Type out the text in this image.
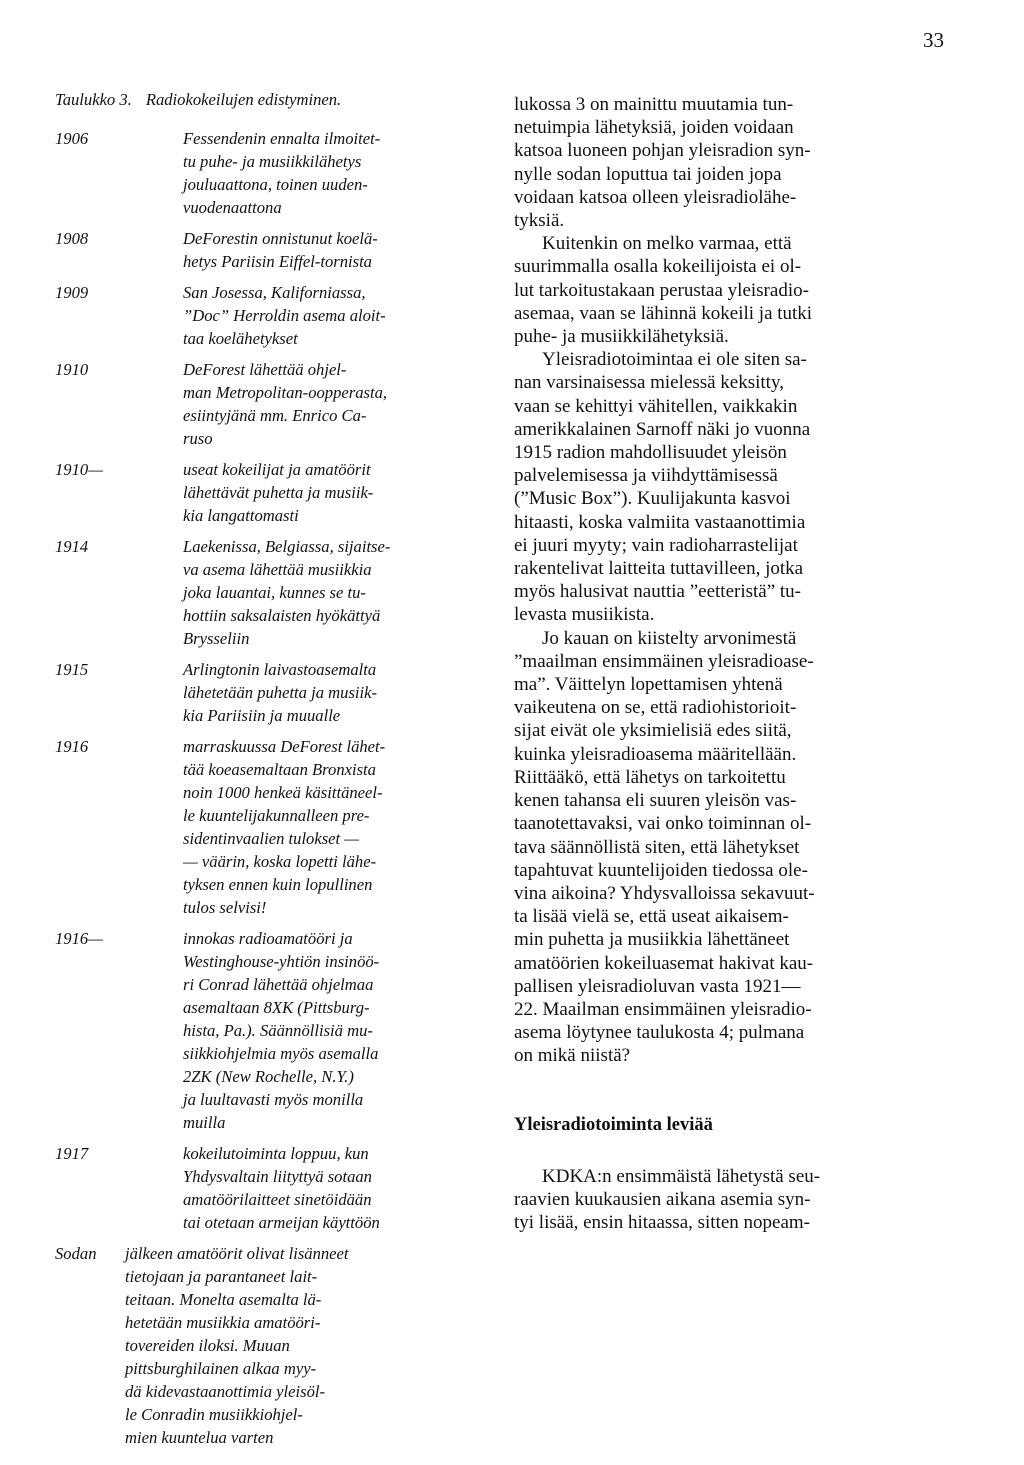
33
Taulukko 3. Radiokokeilujen edistyminen.
1906	Fessendenin ennalta ilmoitet-
tu puhe- ja musiikkilähetys
jouluaattona, toinen uuden-
vuodenaattona
1908	DeForestin onnistunut koelä-
hetys Pariisin Eiffel-tornista
1909	San Josessa, Kaliforniassa,
”Doc” Herroldin asema aloit-
taa koelähetykset
1910	DeForest lähettää ohjel-
man Metropolitan-oopperasta,
esiintyjänä mm. Enrico Ca-
ruso
1910—	useat kokeilijat ja amatöörit
lähettävät puhetta ja musiik-
kia langattomasti
1914	Laekenissa, Belgiassa, sijaitse-
va asema lähettää musiikkia
joka lauantai, kunnes se tu-
hottiin saksalaisten hyökättyä
Brysseliin
1915	Arlingtonin laivastoasemalta
lähetetään puhetta ja musiik-
kia Pariisiin ja muualle
1916	marraskuussa DeForest lähet-
tää koeasemaltaan Bronxista
noin 1000 henkeä käsittäneel-
le kuuntelijakunnalleen pre-
sidentinvaalien tulokset —
— väärin, koska lopetti lähe-
tyksen ennen kuin lopullinen
tulos selvisi!
1916—	innokas radioamatööri ja
Westinghouse-yhtiön insinöö-
ri Conrad lähettää ohjelmaa
asemaltaan 8XK (Pittsburg-
hista, Pa.). Säännöllisiä mu-
siikkiohjelmia myös asemalla
2ZK (New Rochelle, N.Y.)
ja luultavasti myös monilla
muilla
1917	kokeilutoiminta loppuu, kun
Yhdysvaltain liityttyä sotaan
amatöörilaitteet sinetöidään
tai otetaan armeijan käyttöön
Sodan	jälkeen amatöörit olivat lisänneet
tietojaan ja parantaneet lait-
teitaan. Monelta asemalta lä-
hetetään musiikkia amatööri-
tovereiden iloksi. Muuan
pittsburghilainen alkaa myy-
dä kidevastaanottimia yleisöl-
le Conradin musiikkiohjel-
mien kuuntelua varten

lukossa 3 on mainittu muutamia tun-
netuimpia lähetyksiä, joiden voidaan
katsoa luoneen pohjan yleisradion syn-
nylle sodan loputtua tai joiden jopa
voidaan katsoa olleen yleisradiolähe-
tyksiä.

Kuitenkin on melko varmaa, että
suurimmalla osalla kokeilijoista ei ol-
lut tarkoitustakaan perustaa yleisradio-
asemaa, vaan se lähinnä kokeili ja tutki
puhe- ja musiikkilähetyksiä.

Yleisradiotoimintaa ei ole siten sa-
nan varsinaisessa mielessä keksitty,
vaan se kehittyi vähitellen, vaikkakin
amerikkalainen Sarnoff näki jo vuonna
1915 radion mahdollisuudet yleisön
palvelemisessa ja viihdyttämisessä
(”Music Box”). Kuulijakunta kasvoi
hitaasti, koska valmiita vastaanottimia
ei juuri myyty; vain radioharrastelijat
rakentelivat laitteita tuttavilleen, jotka
myös halusivat nauttia ”eetteristä” tu-
levasta musiikista.

Jo kauan on kiistelty arvonimestä
”maailman ensimmäinen yleisradioase-
ma”. Väittelyn lopettamisen yhtenä
vaikeutena on se, että radiohistorioit-
sijat eivät ole yksimielisiä edes siitä,
kuinka yleisradioasema määritellään.
Riittääkö, että lähetys on tarkoitettu
kenen tahansa eli suuren yleisön vas-
taanotettavaksi, vai onko toiminnan ol-
tava säännöllistä siten, että lähetykset
tapahtuvat kuuntelijoiden tiedossa ole-
vina aikoina? Yhdysvalloissa sekavuut-
ta lisää vielä se, että useat aikaisem-
min puhetta ja musiikkia lähettäneet
amatöörien kokeiluasemat hakivat kau-
pallisen yleisradioluvan vasta 1921—
22. Maailman ensimmäinen yleisradio-
asema löytynee taulukosta 4; pulmana
on mikä niistä?

Yleisradiotoiminta leviää

KDKA:n ensimmäistä lähetystä seu-
raavien kuukausien aikana asemia syn-
tyi lisää, ensin hitaassa, sitten nopeam-
